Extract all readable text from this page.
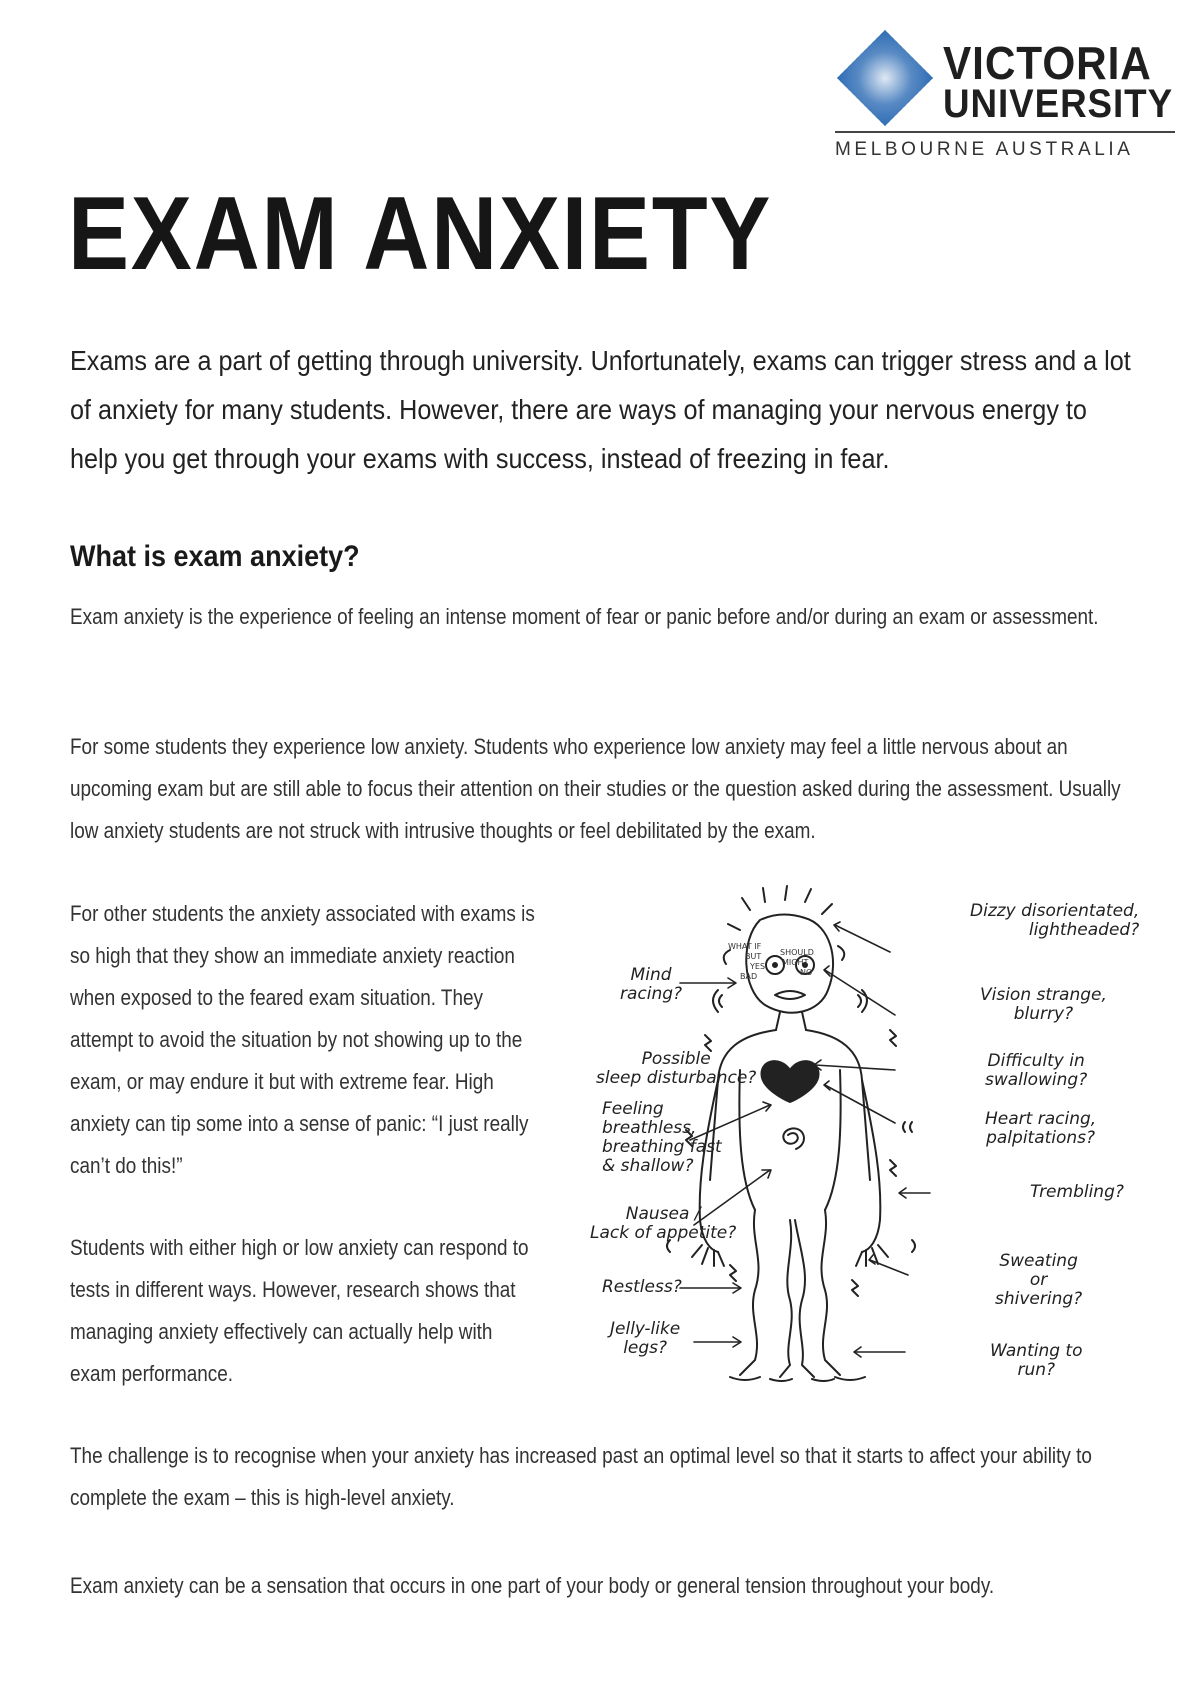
VICTORIA
UNIVERSITY
MELBOURNE AUSTRALIA
EXAM ANXIETY

Exams are a part of getting through university. Unfortunately, exams can trigger stress and a lot of anxiety for many students. However, there are ways of managing your nervous energy to help you get through your exams with success, instead of freezing in fear.

What is exam anxiety?

Exam anxiety is the experience of feeling an intense moment of fear or panic before and/or during an exam or assessment.

For some students they experience low anxiety. Students who experience low anxiety may feel a little nervous about an upcoming exam but are still able to focus their attention on their studies or the question asked during the assessment. Usually low anxiety students are not struck with intrusive thoughts or feel debilitated by the exam.

For other students the anxiety associated with exams is so high that they show an immediate anxiety reaction when exposed to the feared exam situation. They attempt to avoid the situation by not showing up to the exam, or may endure it but with extreme fear. High anxiety can tip some into a sense of panic: “I just really can’t do this!”

Students with either high or low anxiety can respond to tests in different ways. However, research shows that managing anxiety effectively can actually help with exam performance.

The challenge is to recognise when your anxiety has increased past an optimal level so that it starts to affect your ability to complete the exam – this is high-level anxiety.

Exam anxiety can be a sensation that occurs in one part of your body or general tension throughout your body.

BUT SHOULD
WHAT IF
YES MIGHT
NO
BAD
Mind
racing?
Dizzy disorientated,
lightheaded?
Vision strange,
blurry?
Possible
sleep disturbance?
Difficulty in
swallowing?
Feeling
breathless,
breathing fast
& shallow?
Heart racing,
palpitations?
Trembling?
Nausea /
Lack of appetite?
Sweating
or
shivering?
Restless?
Jelly-like
legs?	Wanting to
run?
